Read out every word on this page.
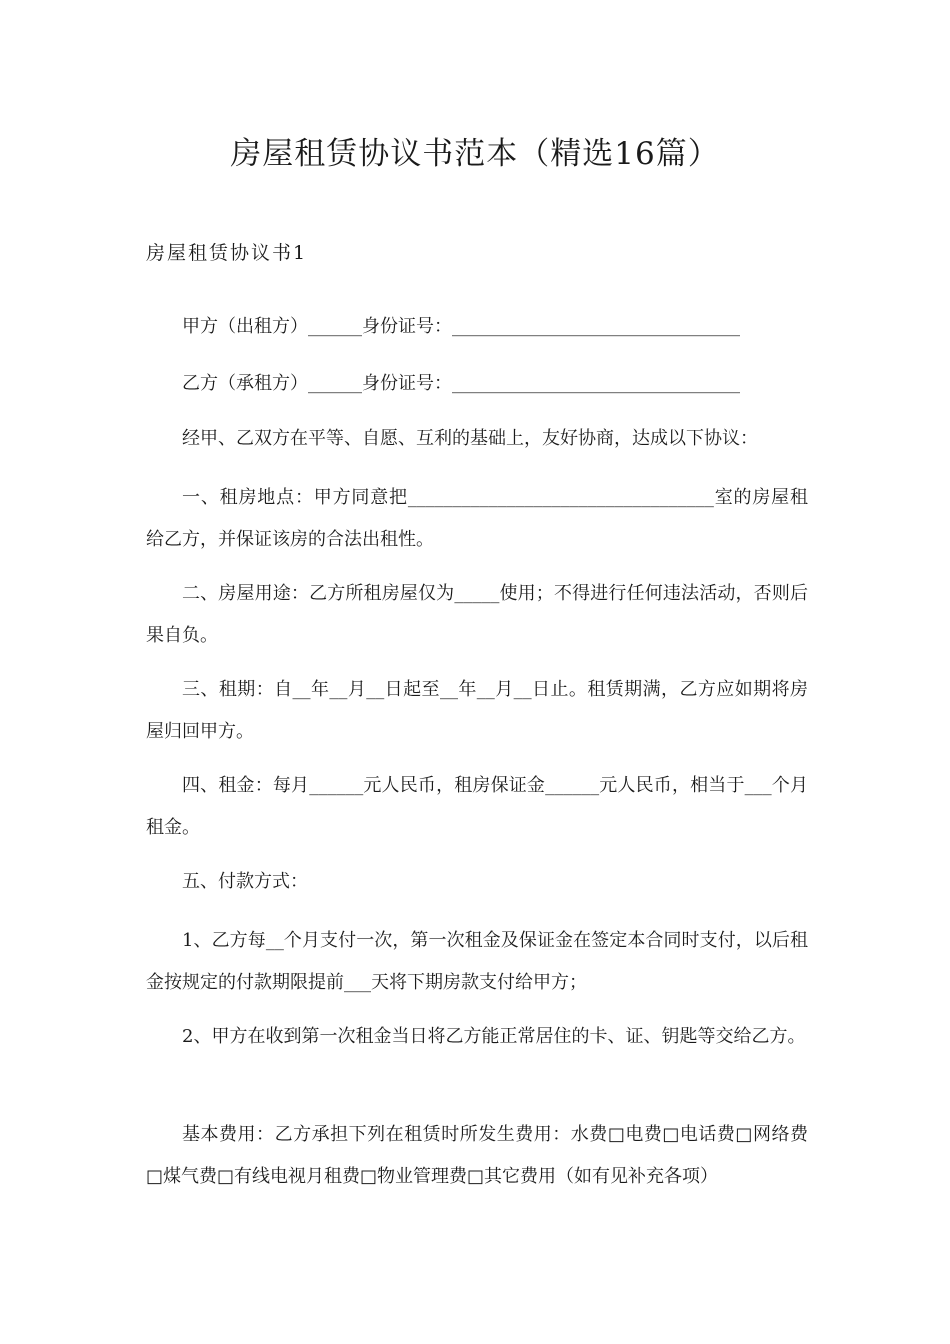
房屋租赁协议书范本（精选16篇）
房屋租赁协议书1
甲方（出租方）______身份证号：________________________________
乙方（承租方）______身份证号：________________________________
经甲、乙双方在平等、自愿、互利的基础上，友好协商，达成以下协议：
一、租房地点：甲方同意把__________________________________室的房屋租给乙方，并保证该房的合法出租性。
二、房屋用途：乙方所租房屋仅为_____使用；不得进行任何违法活动，否则后果自负。
三、租期：自__年__月__日起至__年__月__日止。租赁期满，乙方应如期将房屋归回甲方。
四、租金：每月______元人民币，租房保证金______元人民币，相当于___个月租金。
五、付款方式：
1、乙方每__个月支付一次，第一次租金及保证金在签定本合同时支付，以后租金按规定的付款期限提前___天将下期房款支付给甲方；
2、甲方在收到第一次租金当日将乙方能正常居住的卡、证、钥匙等交给乙方。
基本费用：乙方承担下列在租赁时所发生费用：水费□电费□电话费□网络费□煤气费□有线电视月租费□物业管理费□其它费用（如有见补充各项）
